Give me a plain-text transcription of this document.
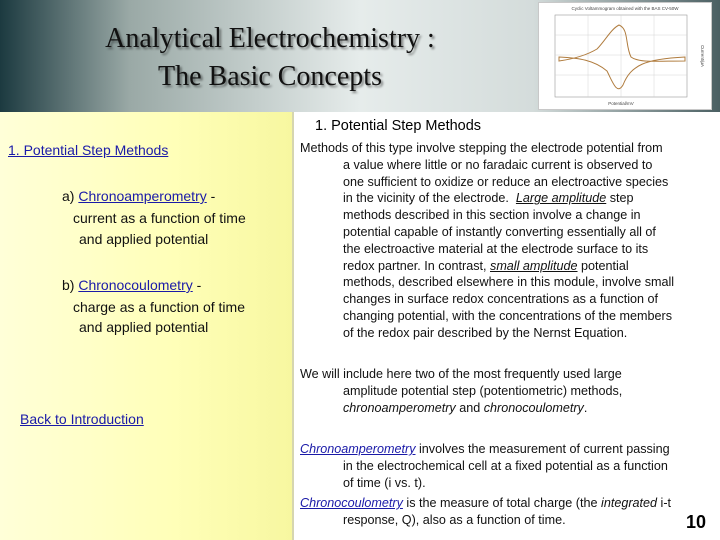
Analytical Electrochemistry :
The Basic Concepts
Cyclic Voltammogram obtained with the BAS CV-50W
Potential/mV
Current/µA
1. Potential Step Methods
a) Chronoamperometry -
current as a function of time
and applied potential
b) Chronocoulometry -
charge as a function of time
and applied potential
Back to Introduction
1. Potential Step Methods
Methods of this type involve stepping the electrode potential from
a value where little or no faradaic current is observed to
one sufficient to oxidize or reduce an electroactive species
in the vicinity of the electrode. Large amplitude step
methods described in this section involve a change in
potential capable of instantly converting essentially all of
the electroactive material at the electrode surface to its
redox partner. In contrast, small amplitude potential
methods, described elsewhere in this module, involve small
changes in surface redox concentrations as a function of
changing potential, with the concentrations of the members
of the redox pair described by the Nernst Equation.
We will include here two of the most frequently used large
amplitude potential step (potentiometric) methods,
chronoamperometry and chronocoulometry.
Chronoamperometry involves the measurement of current passing
in the electrochemical cell at a fixed potential as a function
of time (i vs. t).
Chronocoulometry is the measure of total charge (the integrated i-t
response, Q), also as a function of time.	10
